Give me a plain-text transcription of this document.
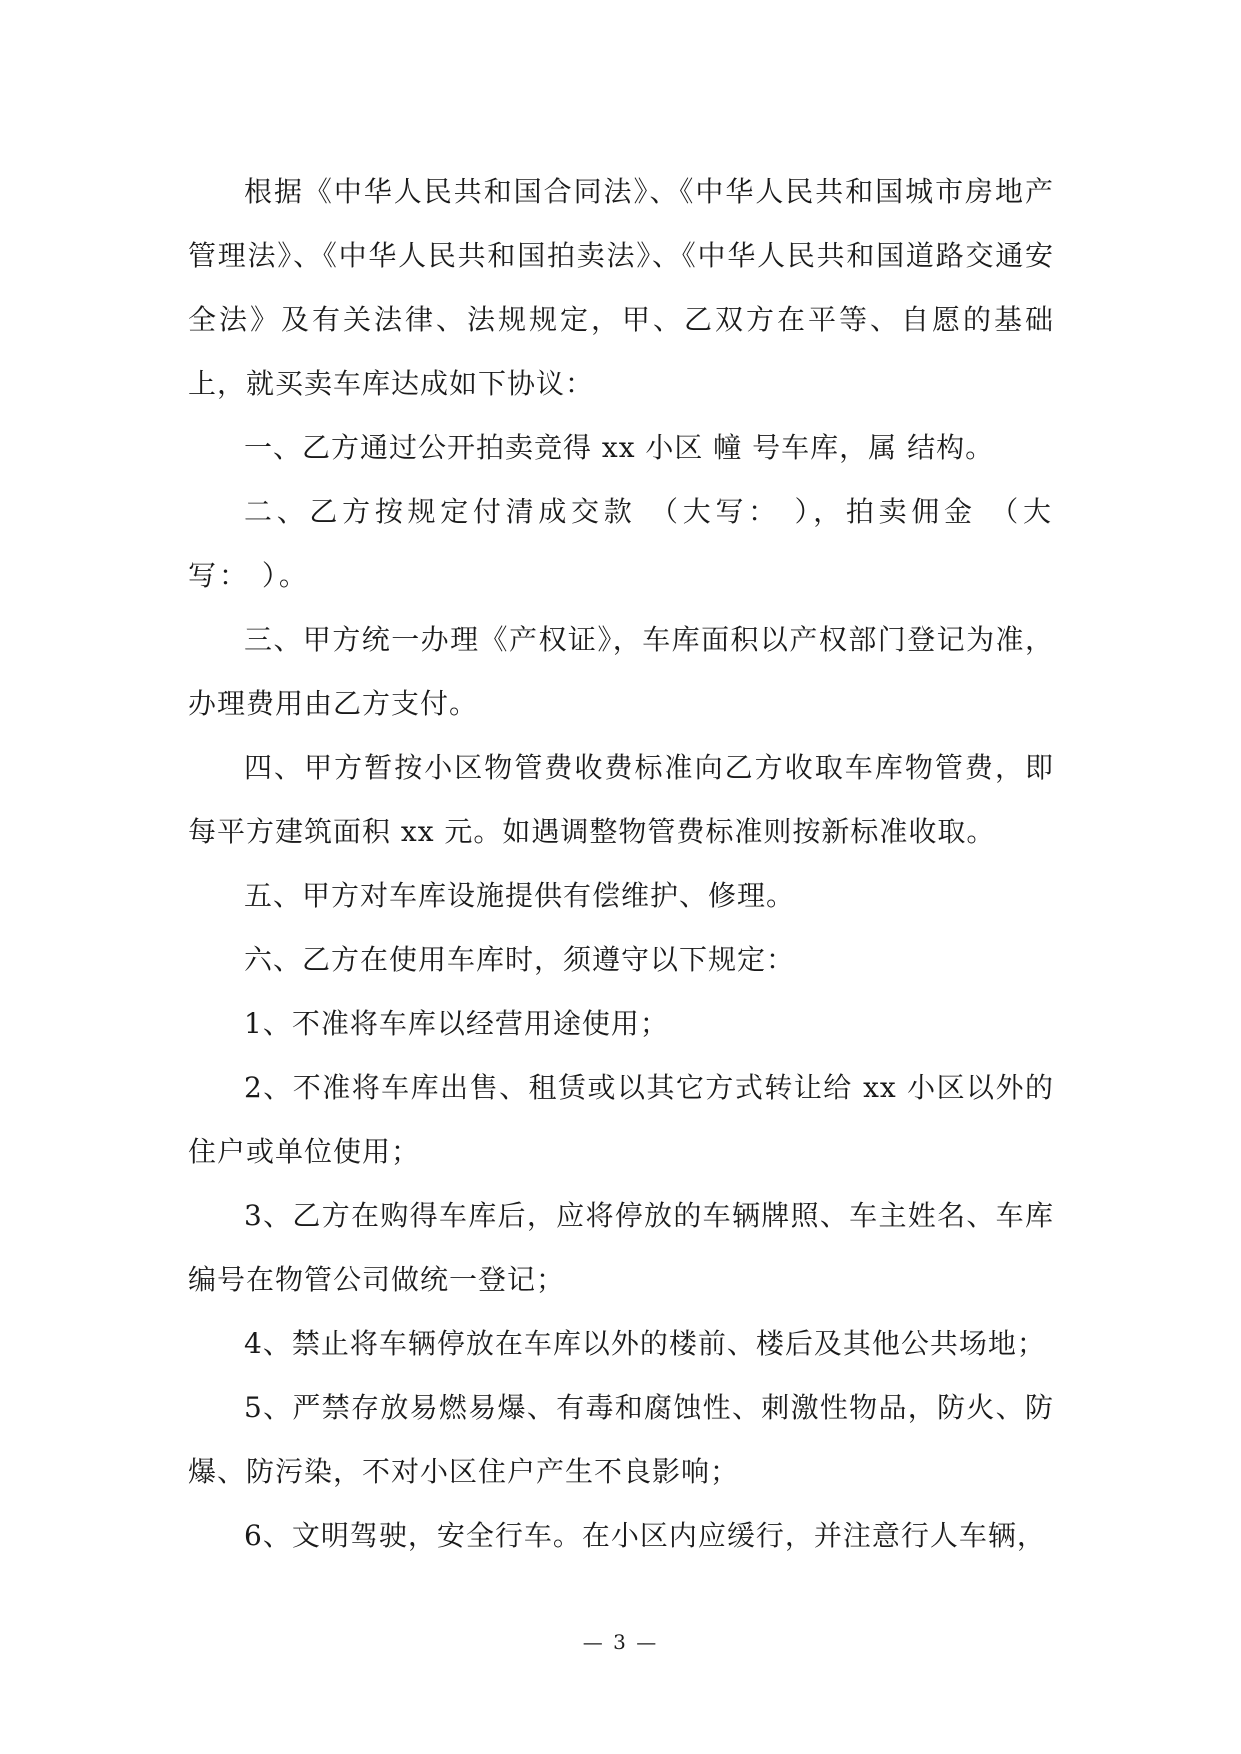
根据《中华人民共和国合同法》、《中华人民共和国城市房地产管理法》、《中华人民共和国拍卖法》、《中华人民共和国道路交通安全法》及有关法律、法规规定，甲、乙双方在平等、自愿的基础上，就买卖车库达成如下协议：

一、乙方通过公开拍卖竞得 xx 小区 幢 号车库，属 结构。

二、乙方按规定付清成交款 （大写： ），拍卖佣金 （大写： ）。

三、甲方统一办理《产权证》，车库面积以产权部门登记为准，办理费用由乙方支付。

四、甲方暂按小区物管费收费标准向乙方收取车库物管费，即每平方建筑面积 xx 元。如遇调整物管费标准则按新标准收取。

五、甲方对车库设施提供有偿维护、修理。

六、乙方在使用车库时，须遵守以下规定：

1、不准将车库以经营用途使用；

2、不准将车库出售、租赁或以其它方式转让给 xx 小区以外的住户或单位使用；

3、乙方在购得车库后，应将停放的车辆牌照、车主姓名、车库编号在物管公司做统一登记；

4、禁止将车辆停放在车库以外的楼前、楼后及其他公共场地；

5、严禁存放易燃易爆、有毒和腐蚀性、刺激性物品，防火、防爆、防污染，不对小区住户产生不良影响；

6、文明驾驶，安全行车。在小区内应缓行，并注意行人车辆，

— 3 —
